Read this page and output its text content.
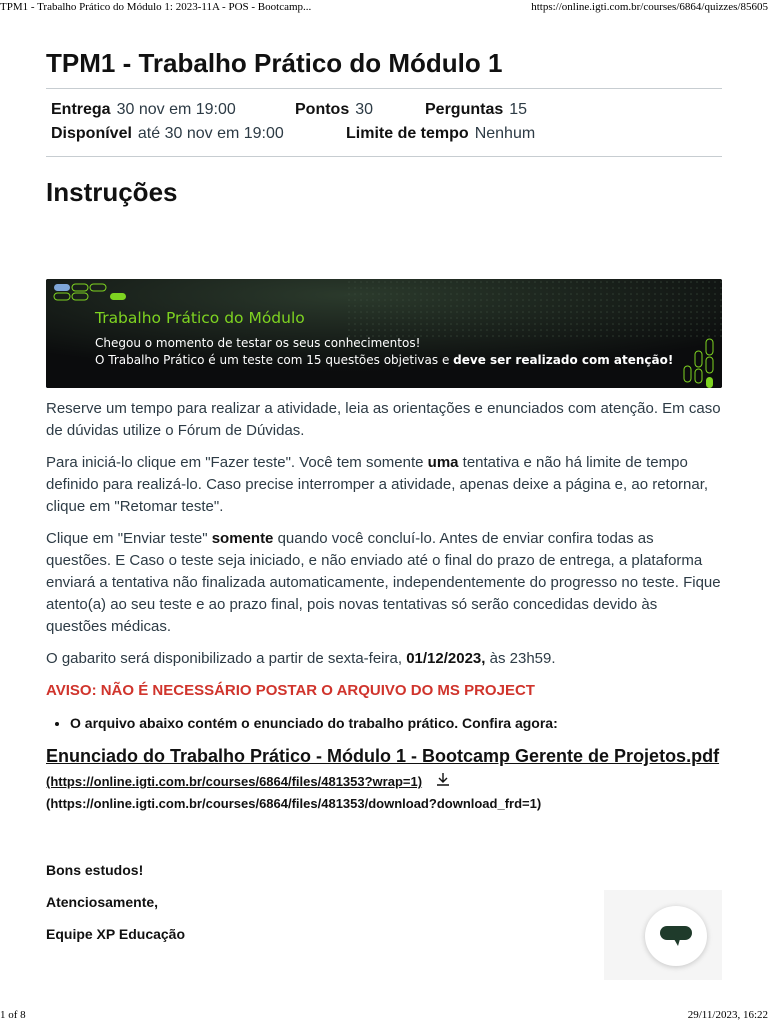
TPM1 - Trabalho Prático do Módulo 1: 2023-11A - POS - Bootcamp...	https://online.igti.com.br/courses/6864/quizzes/85605
TPM1 - Trabalho Prático do Módulo 1
Entrega 30 nov em 19:00	Pontos 30	Perguntas 15
Disponível até 30 nov em 19:00	Limite de tempo Nenhum
Instruções
Trabalho Prático do Módulo
Chegou o momento de testar os seus conhecimentos!
O Trabalho Prático é um teste com 15 questões objetivas e deve ser realizado com atenção!

Reserve um tempo para realizar a atividade, leia as orientações e enunciados com atenção. Em caso de dúvidas utilize o Fórum de Dúvidas.

Para iniciá-lo clique em "Fazer teste". Você tem somente uma tentativa e não há limite de tempo definido para realizá-lo. Caso precise interromper a atividade, apenas deixe a página e, ao retornar, clique em "Retomar teste".

Clique em "Enviar teste" somente quando você concluí-lo. Antes de enviar confira todas as questões. E Caso o teste seja iniciado, e não enviado até o final do prazo de entrega, a plataforma enviará a tentativa não finalizada automaticamente, independentemente do progresso no teste. Fique atento(a) ao seu teste e ao prazo final, pois novas tentativas só serão concedidas devido às questões médicas.

O gabarito será disponibilizado a partir de sexta-feira, 01/12/2023, às 23h59.

AVISO: NÃO É NECESSÁRIO POSTAR O ARQUIVO DO MS PROJECT
• O arquivo abaixo contém o enunciado do trabalho prático. Confira agora:
Enunciado do Trabalho Prático - Módulo 1 - Bootcamp Gerente de Projetos.pdf (https://online.igti.com.br/courses/6864/files/481353?wrap=1)
(https://online.igti.com.br/courses/6864/files/481353/download?download_frd=1)
Bons estudos!
Atenciosamente,
Equipe XP Educação
1 of 8	29/11/2023, 16:22
